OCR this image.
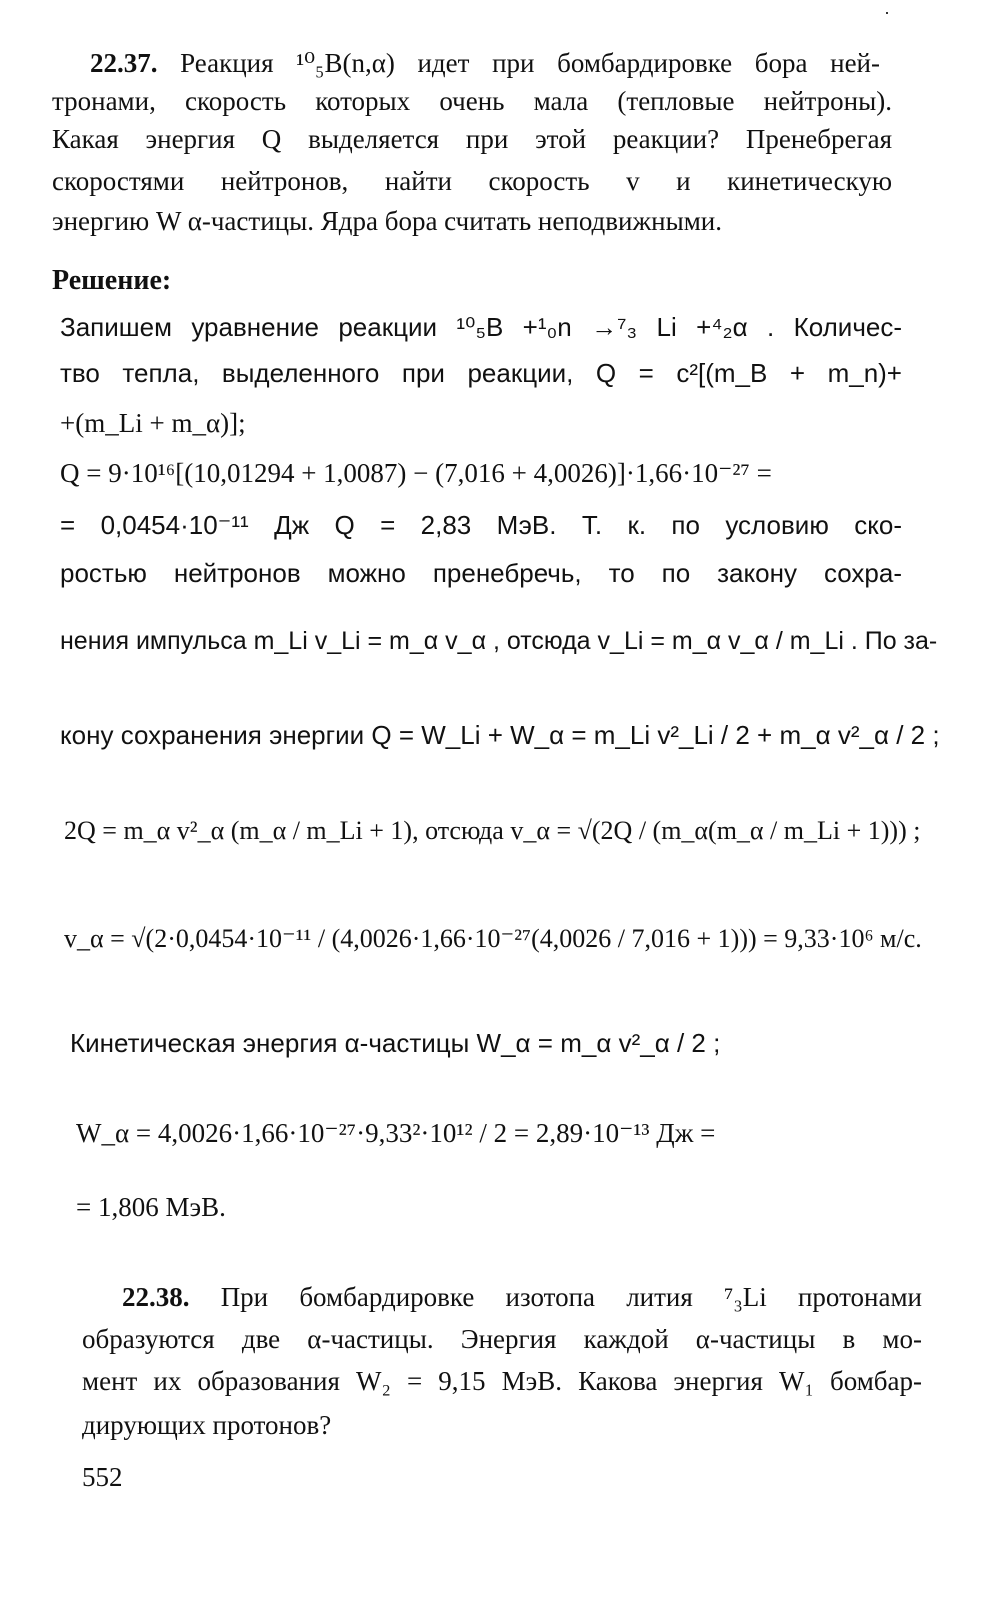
22.37. Реакция ¹⁰₅B(n,α) идет при бомбардировке бора ней-
тронами, скорость которых очень мала (тепловые нейтроны).
Какая энергия Q выделяется при этой реакции? Пренебрегая
скоростями нейтронов, найти скорость v и кинетическую
энергию W α-частицы. Ядра бора считать неподвижными.
Решение:
Запишем уравнение реакции ¹⁰₅B +¹₀n →⁷₃ Li +⁴₂α . Количес-
тво тепла, выделенного при реакции, Q = c²[(m_B + m_n)+
+(m_Li + m_α)];
Q = 9·10¹⁶[(10,01294 + 1,0087) − (7,016 + 4,0026)]·1,66·10⁻²⁷ =
= 0,0454·10⁻¹¹ Дж Q = 2,83 МэВ. Т. к. по условию ско-
ростью нейтронов можно пренебречь, то по закону сохра-
нения импульса m_Li v_Li = m_α v_α , отсюда v_Li = m_α v_α / m_Li . По за-
кону сохранения энергии Q = W_Li + W_α = m_Li v²_Li / 2 + m_α v²_α / 2 ;
2Q = m_α v²_α (m_α / m_Li + 1), отсюда v_α = √(2Q / (m_α(m_α / m_Li + 1))) ;
v_α = √(2·0,0454·10⁻¹¹ / (4,0026·1,66·10⁻²⁷(4,0026 / 7,016 + 1))) = 9,33·10⁶ м/с.
Кинетическая энергия α-частицы W_α = m_α v²_α / 2 ;
W_α = 4,0026·1,66·10⁻²⁷·9,33²·10¹² / 2 = 2,89·10⁻¹³ Дж =
= 1,806 МэВ.
22.38. При бомбардировке изотопа лития ⁷₃Li протонами
образуются две α-частицы. Энергия каждой α-частицы в мо-
мент их образования W₂ = 9,15 МэВ. Какова энергия W₁ бомбар-
дирующих протонов?
552
